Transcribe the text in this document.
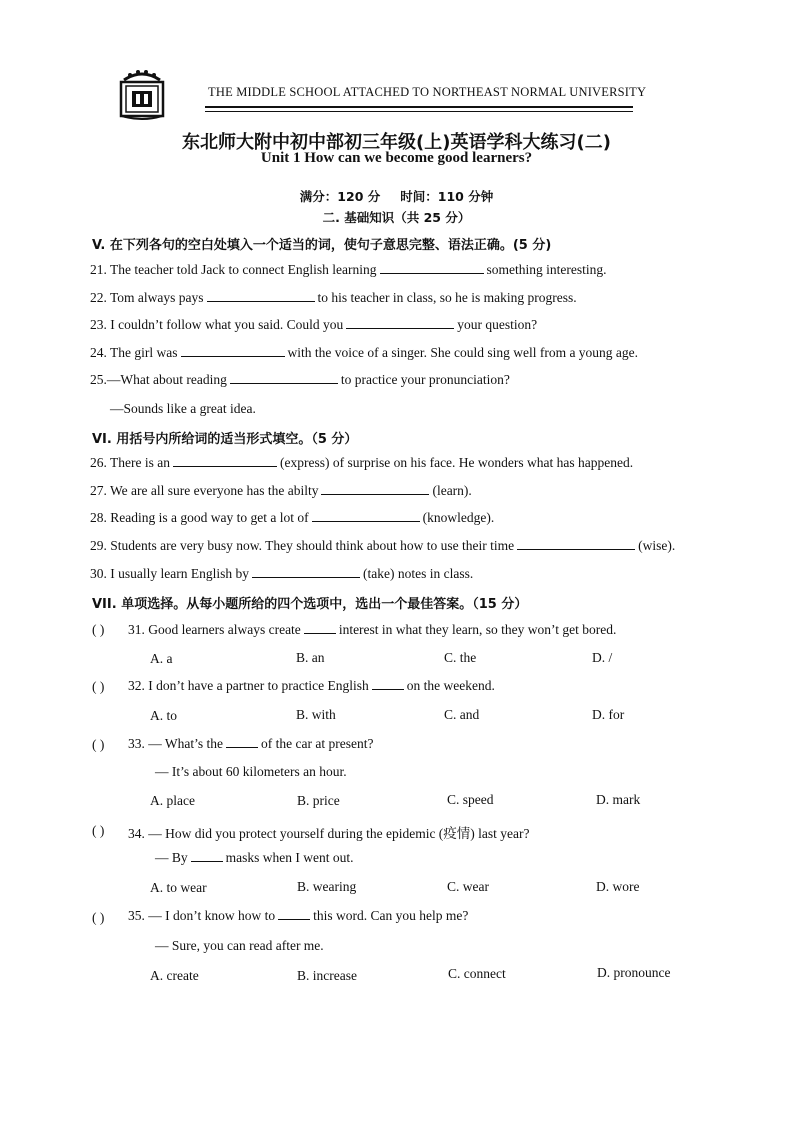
THE MIDDLE SCHOOL ATTACHED TO NORTHEAST NORMAL UNIVERSITY
东北师大附中初中部初三年级(上)英语学科大练习(二)
Unit 1 How can we become good learners?
满分：120 分 时间：110 分钟
二. 基础知识（共 25 分）
V. 在下列各句的空白处填入一个适当的词，使句子意思完整、语法正确。(5 分)
21. The teacher told Jack to connect English learning	something interesting.
22. Tom always pays	to his teacher in class, so he is making progress.
23. I couldn’t follow what you said. Could you	your question?
24. The girl was	with the voice of a singer. She could sing well from a young age.
25.—What about reading	to practice your pronunciation?
—Sounds like a great idea.
VI. 用括号内所给词的适当形式填空。（5 分）
26. There is an	(express) of surprise on his face. He wonders what has happened.
27. We are all sure everyone has the abilty	(learn).
28. Reading is a good way to get a lot of	(knowledge).
29. Students are very busy now. They should think about how to use their time	(wise).
30. I usually learn English by	(take) notes in class.
VII. 单项选择。从每小题所给的四个选项中，选出一个最佳答案。（15 分）
( ) 31. Good learners always create	interest in what they learn, so they won’t get bored.
A. a	B. an	C. the	D. /
( ) 32. I don’t have a partner to practice English	on the weekend.
A. to	B. with	C. and	D. for
( ) 33. — What’s the	of the car at present?
— It’s about 60 kilometers an hour.
A. place	B. price	C. speed	D. mark
( ) 34. — How did you protect yourself during the epidemic (疫情) last year?
— By	masks when I went out.
A. to wear	B. wearing	C. wear	D. wore
( ) 35. — I don’t know how to	this word. Can you help me?
— Sure, you can read after me.
A. create	B. increase	C. connect	D. pronounce
